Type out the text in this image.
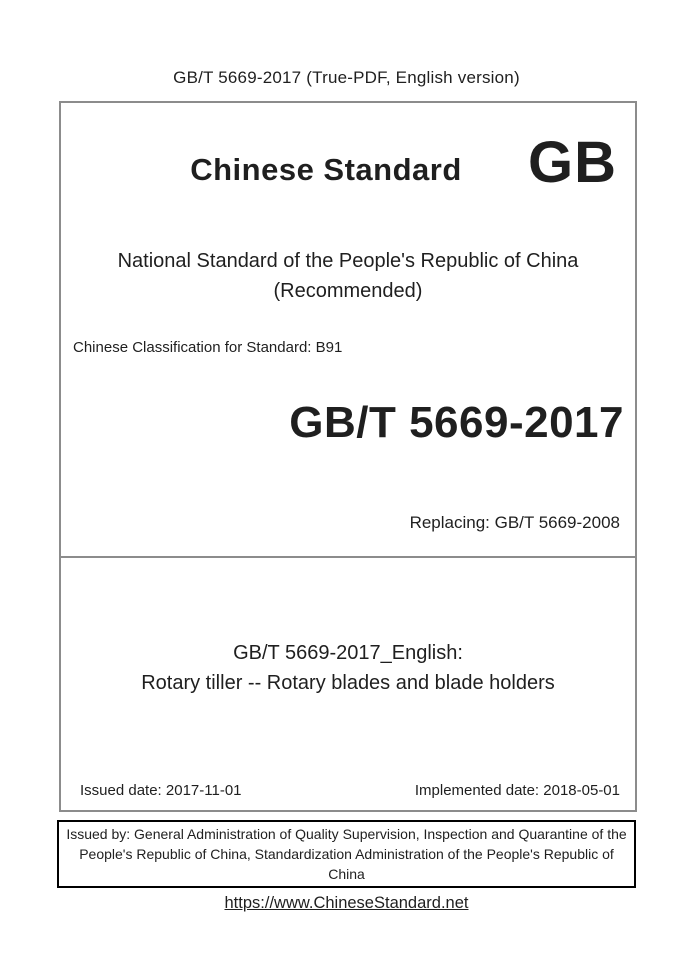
GB/T 5669-2017 (True-PDF, English version)
Chinese Standard	GB
National Standard of the People's Republic of China
(Recommended)
Chinese Classification for Standard: B91
GB/T 5669-2017
Replacing: GB/T 5669-2008
GB/T 5669-2017_English:
Rotary tiller -- Rotary blades and blade holders
Issued date: 2017-11-01	Implemented date: 2018-05-01
Issued by: General Administration of Quality Supervision, Inspection and Quarantine of the People's Republic of China, Standardization Administration of the People's Republic of China
https://www.ChineseStandard.net
